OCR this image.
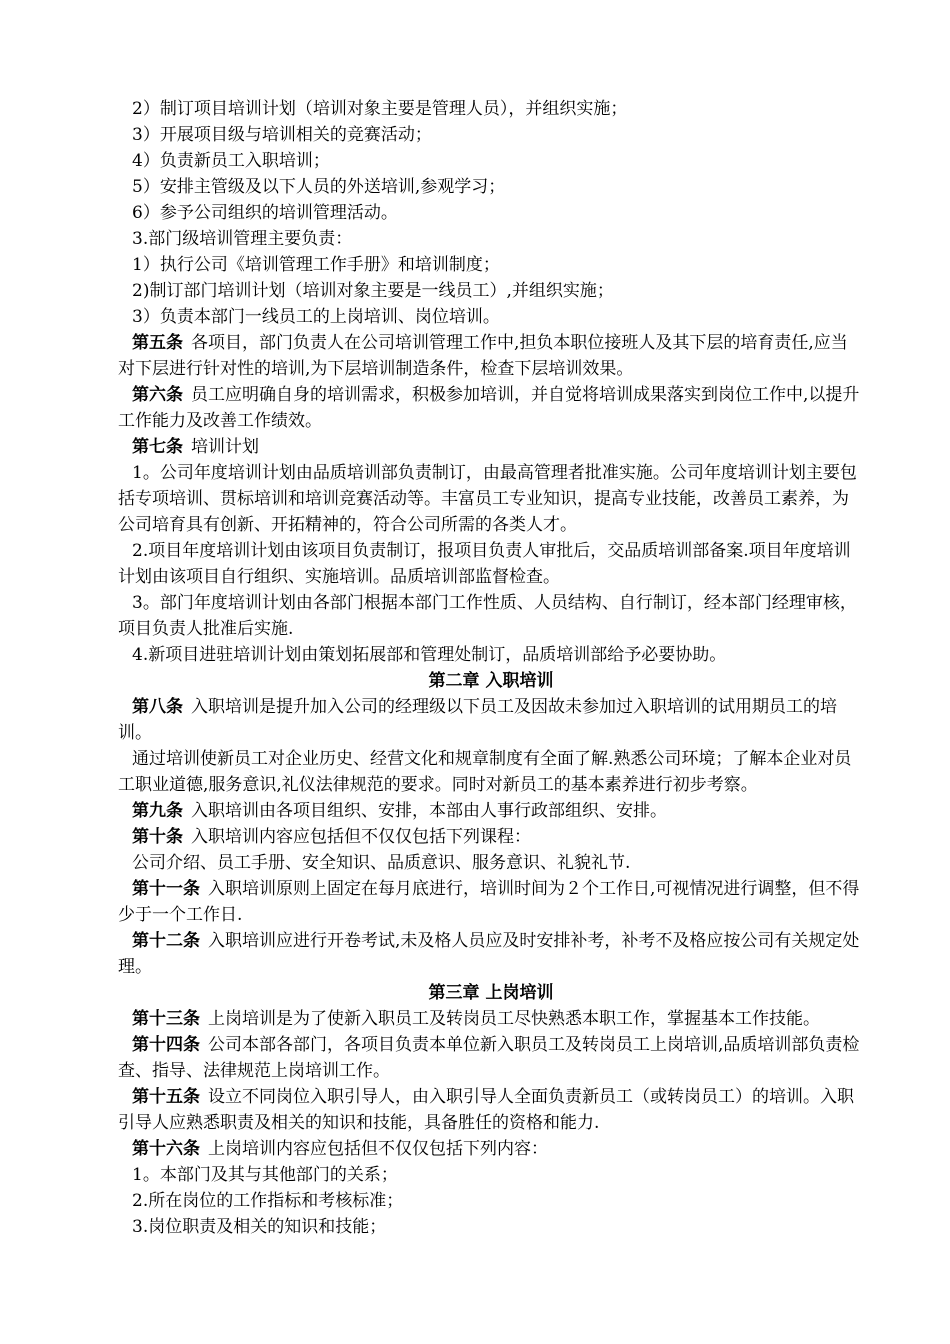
2）制订项目培训计划（培训对象主要是管理人员），并组织实施；

3）开展项目级与培训相关的竞赛活动；

4）负责新员工入职培训；

5）安排主管级及以下人员的外送培训,参观学习；

6）参予公司组织的培训管理活动。

3.部门级培训管理主要负责：

1）执行公司《培训管理工作手册》和培训制度；

2)制订部门培训计划（培训对象主要是一线员工）,并组织实施；

3）负责本部门一线员工的上岗培训、岗位培训。

第五条 各项目，部门负责人在公司培训管理工作中,担负本职位接班人及其下层的培育责任,应当对下层进行针对性的培训,为下层培训制造条件，检查下层培训效果。

第六条 员工应明确自身的培训需求，积极参加培训，并自觉将培训成果落实到岗位工作中,以提升工作能力及改善工作绩效。

第七条 培训计划

1。公司年度培训计划由品质培训部负责制订，由最高管理者批准实施。公司年度培训计划主要包括专项培训、贯标培训和培训竞赛活动等。丰富员工专业知识，提高专业技能，改善员工素养，为公司培育具有创新、开拓精神的，符合公司所需的各类人才。

2.项目年度培训计划由该项目负责制订，报项目负责人审批后，交品质培训部备案.项目年度培训计划由该项目自行组织、实施培训。品质培训部监督检查。

3。部门年度培训计划由各部门根据本部门工作性质、人员结构、自行制订，经本部门经理审核，项目负责人批准后实施.

4.新项目进驻培训计划由策划拓展部和管理处制订，品质培训部给予必要协助。

第二章 入职培训

第八条 入职培训是提升加入公司的经理级以下员工及因故未参加过入职培训的试用期员工的培训。

通过培训使新员工对企业历史、经营文化和规章制度有全面了解.熟悉公司环境；了解本企业对员工职业道德,服务意识,礼仪法律规范的要求。同时对新员工的基本素养进行初步考察。

第九条 入职培训由各项目组织、安排，本部由人事行政部组织、安排。

第十条 入职培训内容应包括但不仅仅包括下列课程：

公司介绍、员工手册、安全知识、品质意识、服务意识、礼貌礼节.

第十一条 入职培训原则上固定在每月底进行，培训时间为２个工作日,可视情况进行调整，但不得少于一个工作日.

第十二条 入职培训应进行开卷考试,未及格人员应及时安排补考，补考不及格应按公司有关规定处理。

第三章 上岗培训

第十三条 上岗培训是为了使新入职员工及转岗员工尽快熟悉本职工作，掌握基本工作技能。

第十四条 公司本部各部门，各项目负责本单位新入职员工及转岗员工上岗培训,品质培训部负责检查、指导、法律规范上岗培训工作。

第十五条 设立不同岗位入职引导人，由入职引导人全面负责新员工（或转岗员工）的培训。入职引导人应熟悉职责及相关的知识和技能，具备胜任的资格和能力.

第十六条 上岗培训内容应包括但不仅仅包括下列内容：

1。本部门及其与其他部门的关系；

2.所在岗位的工作指标和考核标准；

3.岗位职责及相关的知识和技能；
